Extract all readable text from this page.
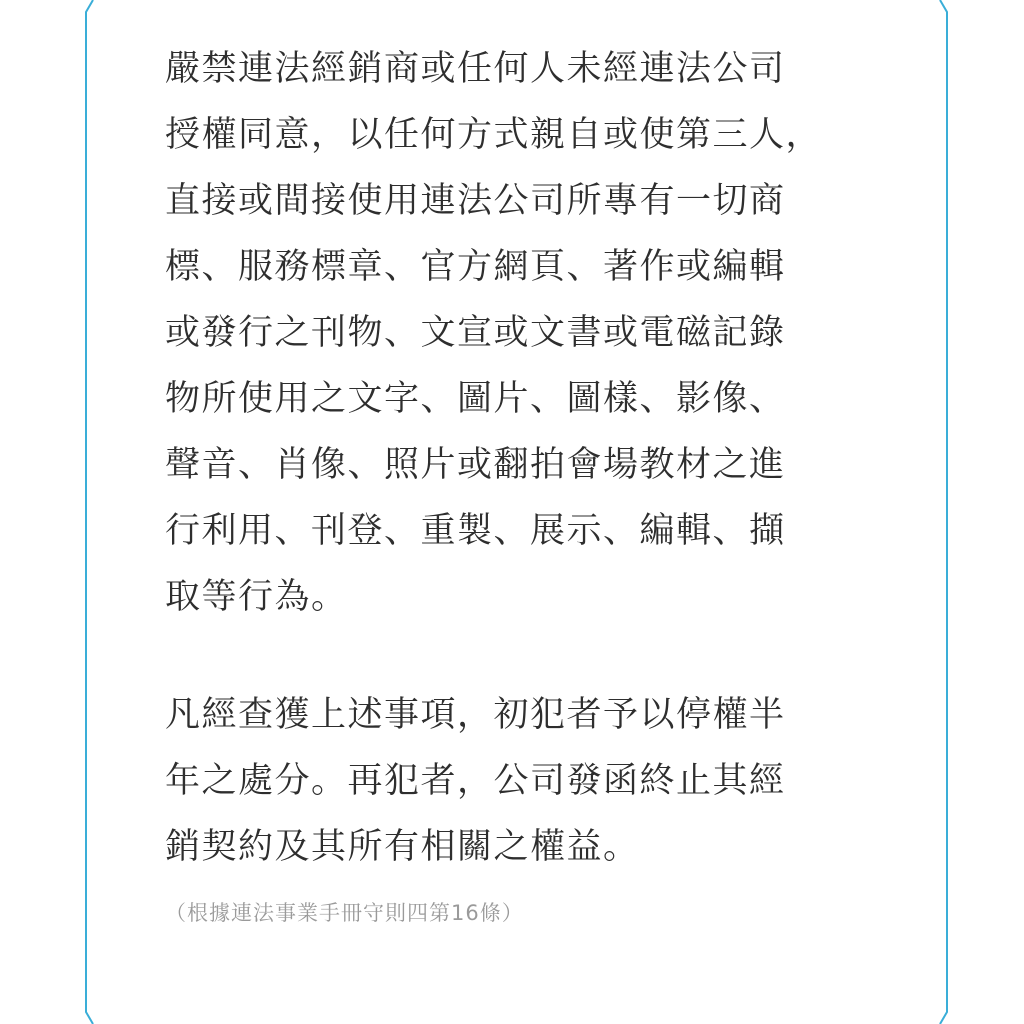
嚴禁連法經銷商或任何人未經連法公司
授權同意，以任何方式親自或使第三人，
直接或間接使用連法公司所專有一切商
標、服務標章、官方網頁、著作或編輯
或發行之刊物、文宣或文書或電磁記錄
物所使用之文字、圖片、圖樣、影像、
聲音、肖像、照片或翻拍會場教材之進
行利用、刊登、重製、展示、編輯、擷
取等行為。
凡經查獲上述事項，初犯者予以停權半
年之處分。再犯者，公司發函終止其經
銷契約及其所有相關之權益。
（根據連法事業手冊守則四第16條）
